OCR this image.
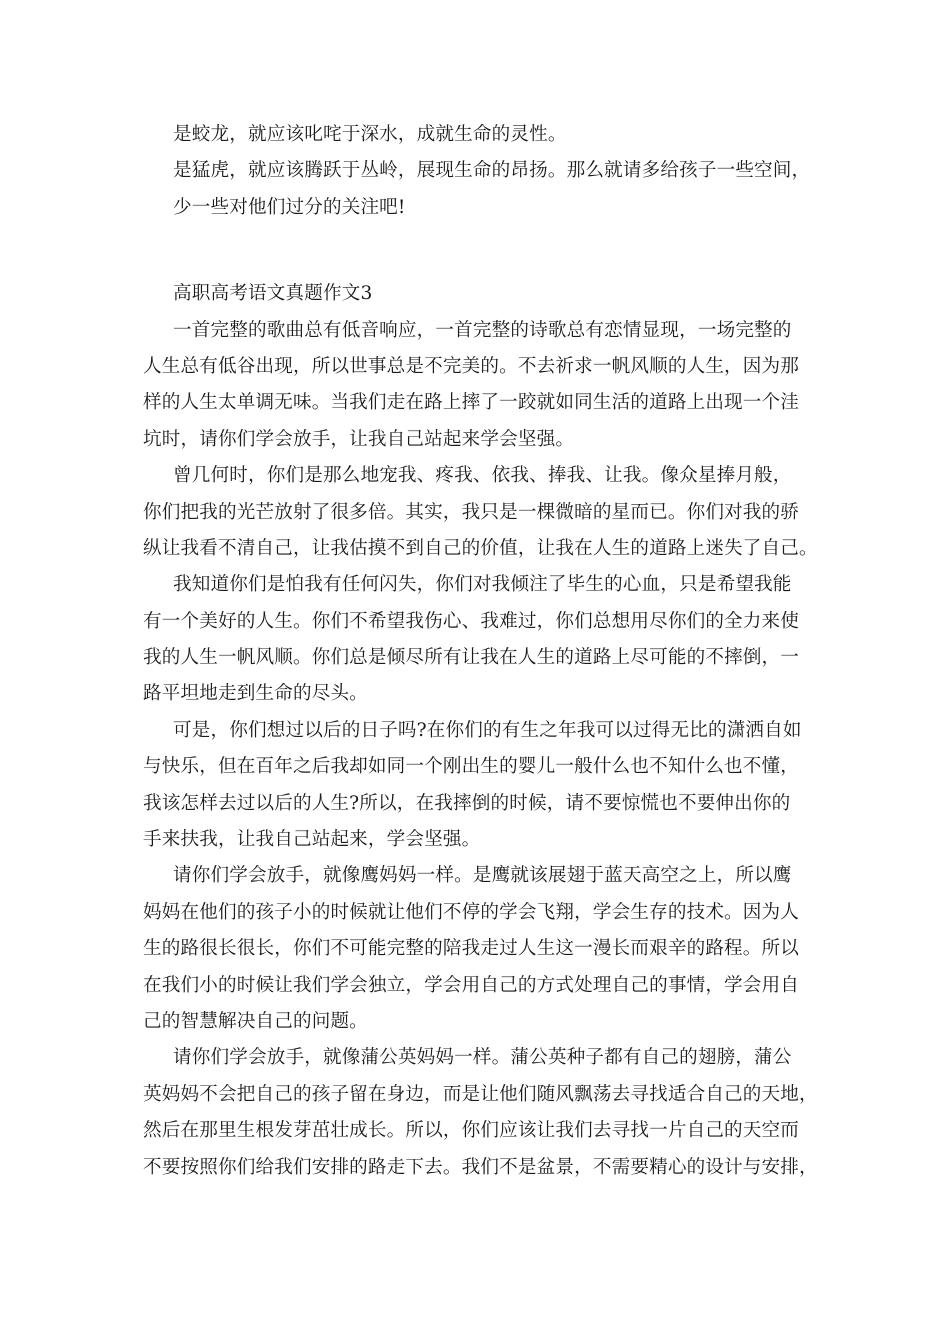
是蛟龙，就应该叱咤于深水，成就生命的灵性。
是猛虎，就应该腾跃于丛岭，展现生命的昂扬。那么就请多给孩子一些空间，
少一些对他们过分的关注吧!
高职高考语文真题作文3
一首完整的歌曲总有低音响应，一首完整的诗歌总有恋情显现，一场完整的
人生总有低谷出现，所以世事总是不完美的。不去祈求一帆风顺的人生，因为那
样的人生太单调无味。当我们走在路上摔了一跤就如同生活的道路上出现一个洼
坑时，请你们学会放手，让我自己站起来学会坚强。
曾几何时，你们是那么地宠我、疼我、依我、捧我、让我。像众星捧月般，
你们把我的光芒放射了很多倍。其实，我只是一棵微暗的星而已。你们对我的骄
纵让我看不清自己，让我估摸不到自己的价值，让我在人生的道路上迷失了自己。
我知道你们是怕我有任何闪失，你们对我倾注了毕生的心血，只是希望我能
有一个美好的人生。你们不希望我伤心、我难过，你们总想用尽你们的全力来使
我的人生一帆风顺。你们总是倾尽所有让我在人生的道路上尽可能的不摔倒，一
路平坦地走到生命的尽头。
可是，你们想过以后的日子吗?在你们的有生之年我可以过得无比的潇洒自如
与快乐，但在百年之后我却如同一个刚出生的婴儿一般什么也不知什么也不懂，
我该怎样去过以后的人生?所以，在我摔倒的时候，请不要惊慌也不要伸出你的
手来扶我，让我自己站起来，学会坚强。
请你们学会放手，就像鹰妈妈一样。是鹰就该展翅于蓝天高空之上，所以鹰
妈妈在他们的孩子小的时候就让他们不停的学会飞翔，学会生存的技术。因为人
生的路很长很长，你们不可能完整的陪我走过人生这一漫长而艰辛的路程。所以
在我们小的时候让我们学会独立，学会用自己的方式处理自己的事情，学会用自
己的智慧解决自己的问题。
请你们学会放手，就像蒲公英妈妈一样。蒲公英种子都有自己的翅膀，蒲公
英妈妈不会把自己的孩子留在身边，而是让他们随风飘荡去寻找适合自己的天地，
然后在那里生根发芽茁壮成长。所以，你们应该让我们去寻找一片自己的天空而
不要按照你们给我们安排的路走下去。我们不是盆景，不需要精心的设计与安排，
